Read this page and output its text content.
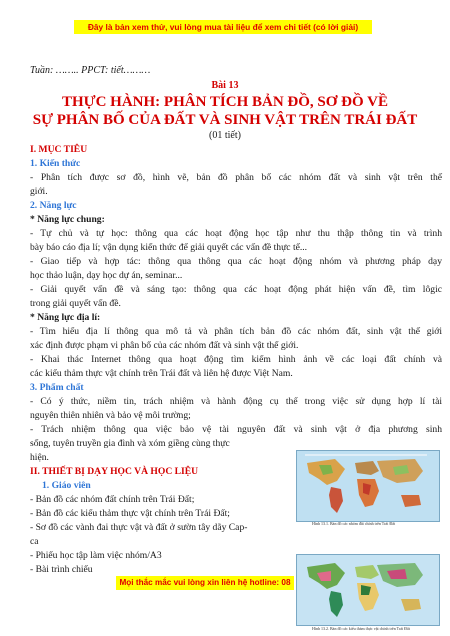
Đây là bản xem thử, vui lòng mua tài liệu để xem chi tiết (có lời giải)
Tuần: …….. PPCT: tiết………
Bài 13
THỰC HÀNH: PHÂN TÍCH BẢN ĐỒ, SƠ ĐỒ VỀ
SỰ PHÂN BỐ CỦA ĐẤT VÀ SINH VẬT TRÊN TRÁI ĐẤT
(01 tiết)
I. MỤC TIÊU
1. Kiến thức
- Phân tích được sơ đồ, hình vẽ, bản đồ phân bố các nhóm đất và sinh vật trên thế
giới.
2. Năng lực
* Năng lực chung:
- Tự chủ và tự học: thông qua các hoạt động học tập như thu thập thông tin và trình
bày báo cáo địa lí; vận dụng kiến thức để giải quyết các vấn đề thực tế...
- Giao tiếp và hợp tác: thông qua thông qua các hoạt động nhóm và phương pháp dạy
học thảo luận, dạy học dự án, seminar...
- Giải quyết vấn đề và sáng tạo: thông qua các hoạt động phát hiện vấn đề, tìm lôgic
trong giải quyết vấn đề.
* Năng lực địa lí:
- Tìm hiểu địa lí thông qua mô tả và phân tích bản đồ các nhóm đất, sinh vật thế giới
xác định được phạm vi phân bố của các nhóm đất và sinh vật thế giới.
- Khai thác Internet thông qua hoạt động tìm kiếm hình ảnh về các loại đất chính và
các kiểu thảm thực vật chính trên Trái đất và liên hệ được Việt Nam.
3. Phẩm chất
- Có ý thức, niềm tin, trách nhiệm và hành động cụ thể trong việc sử dụng hợp lí tài
nguyên thiên nhiên và bảo vệ môi trường;
- Trách nhiệm thông qua việc bảo vệ tài nguyên đất và sinh vật ở địa phương sinh
sống, tuyên truyền gia đình và xóm giềng cùng thực
hiện.
II. THIẾT BỊ DẠY HỌC VÀ HỌC LIỆU
1. Giáo viên
- Bản đồ các nhóm đất chính trên Trái Đất;
- Bản đồ các kiểu thảm thực vật chính trên Trái Đất;
- Sơ đồ các vành đai thực vật và đất ở sườn tây dãy Cap-
ca
- Phiếu học tập làm việc nhóm/A3
- Bài trình chiếu
Hình 13.1. Bản đồ các nhóm đất chính trên Trái Đất
Hình 13.2. Bản đồ các kiểu thảm thực vật chính trên Trái Đất
Mọi thắc mắc vui lòng xin liên hệ hotline: 08
